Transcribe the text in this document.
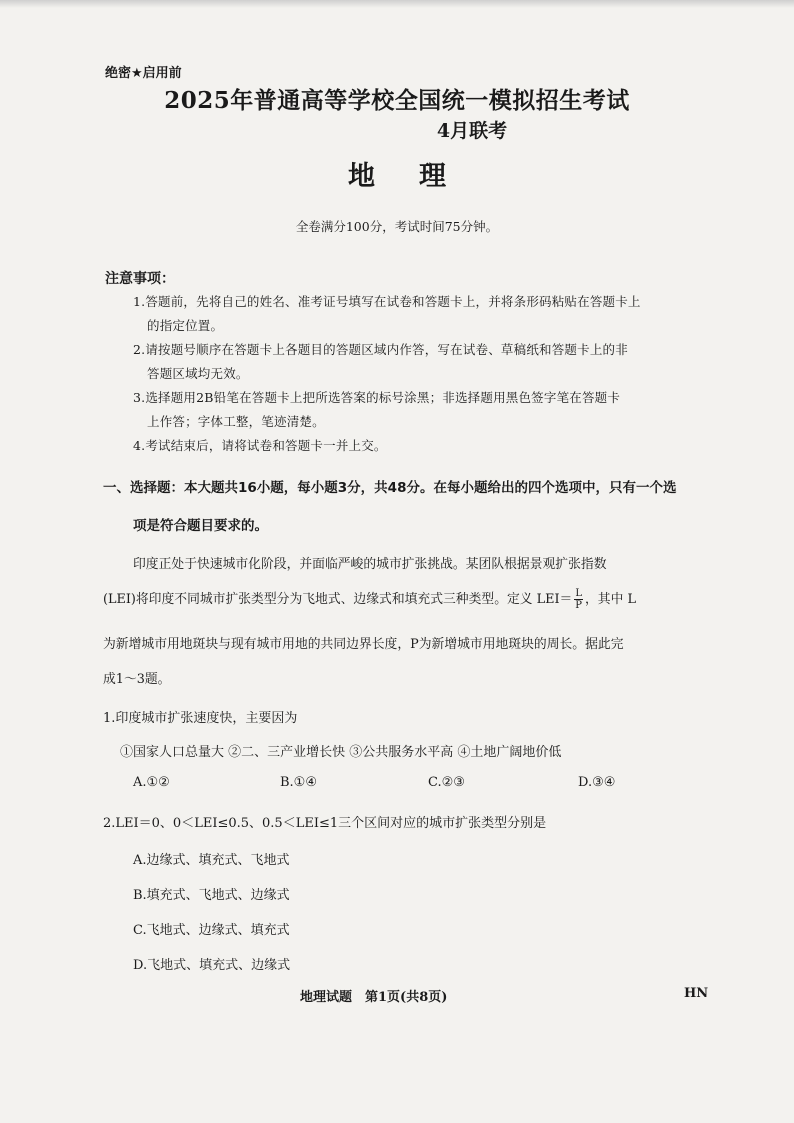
绝密★启用前
2025年普通高等学校全国统一模拟招生考试
4月联考
地理
全卷满分100分，考试时间75分钟。
注意事项：
1.答题前，先将自己的姓名、准考证号填写在试卷和答题卡上，并将条形码粘贴在答题卡上
的指定位置。
2.请按题号顺序在答题卡上各题目的答题区域内作答，写在试卷、草稿纸和答题卡上的非
答题区域均无效。
3.选择题用2B铅笔在答题卡上把所选答案的标号涂黑；非选择题用黑色签字笔在答题卡
上作答；字体工整，笔迹清楚。
4.考试结束后，请将试卷和答题卡一并上交。
一、选择题：本大题共16小题，每小题3分，共48分。在每小题给出的四个选项中，只有一个选
项是符合题目要求的。
印度正处于快速城市化阶段，并面临严峻的城市扩张挑战。某团队根据景观扩张指数
(LEI)将印度不同城市扩张类型分为飞地式、边缘式和填充式三种类型。定义 $LEI= \frac{L}{P}$ ，其中 L
为新增城市用地斑块与现有城市用地的共同边界长度，P为新增城市用地斑块的周长。据此完
成1～3题。
1.印度城市扩张速度快，主要因为
①国家人口总量大 ②二、三产业增长快 ③公共服务水平高 ④土地广阔地价低
A.①②	B.①④	C.②③	D.③④
2.LEI＝0、0＜LEI≤0.5、0.5＜LEI≤1三个区间对应的城市扩张类型分别是
A.边缘式、填充式、飞地式
B.填充式、飞地式、边缘式
C.飞地式、边缘式、填充式
D.飞地式、填充式、边缘式
地理试题　第1页(共8页)	HN
